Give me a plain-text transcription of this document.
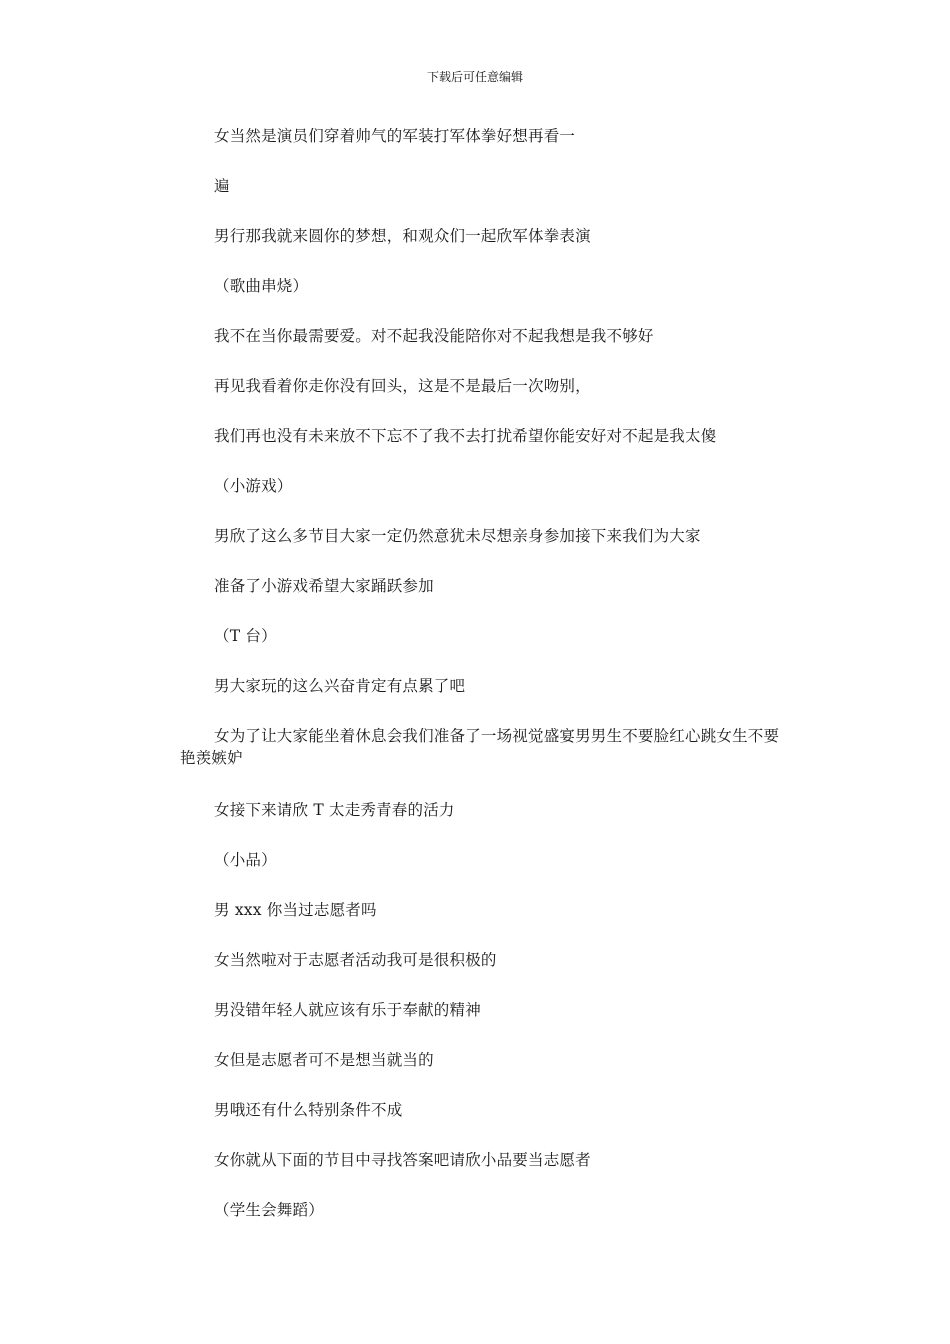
下载后可任意编辑
女当然是演员们穿着帅气的军装打军体拳好想再看一
遍
男行那我就来圆你的梦想，和观众们一起欣军体拳表演
（歌曲串烧）
我不在当你最需要爱。对不起我没能陪你对不起我想是我不够好
再见我看着你走你没有回头，这是不是最后一次吻别，
我们再也没有未来放不下忘不了我不去打扰希望你能安好对不起是我太傻
（小游戏）
男欣了这么多节目大家一定仍然意犹未尽想亲身参加接下来我们为大家
准备了小游戏希望大家踊跃参加
（T 台）
男大家玩的这么兴奋肯定有点累了吧
女为了让大家能坐着休息会我们准备了一场视觉盛宴男男生不要脸红心跳女生不要艳羡嫉妒
女接下来请欣 T 太走秀青春的活力
（小品）
男 xxx 你当过志愿者吗
女当然啦对于志愿者活动我可是很积极的
男没错年轻人就应该有乐于奉献的精神
女但是志愿者可不是想当就当的
男哦还有什么特别条件不成
女你就从下面的节目中寻找答案吧请欣小品要当志愿者
（学生会舞蹈）
